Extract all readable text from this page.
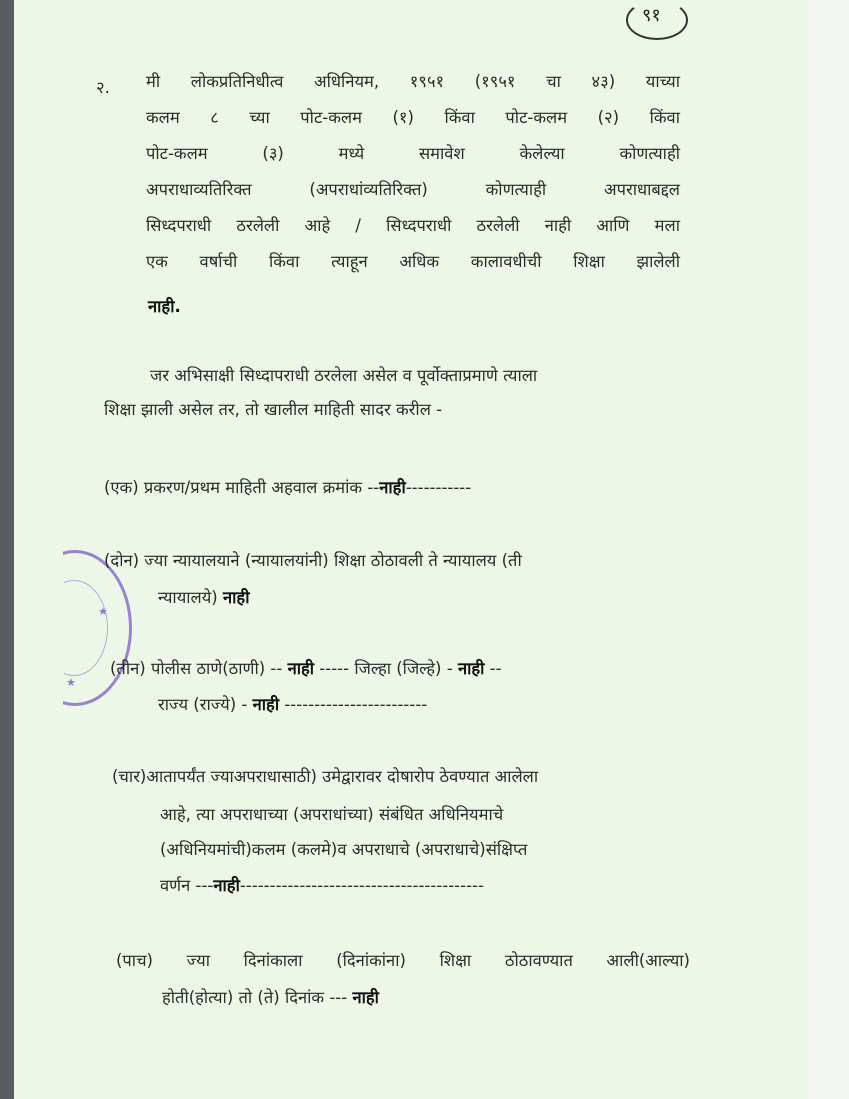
९१
★
★
२. मी लोकप्रतिनिधीत्व अधिनियम, १९५१ (१९५१ चा ४३) याच्या
कलम ८ च्या पोट-कलम (१) किंवा पोट-कलम (२) किंवा
पोट-कलम (३) मध्ये समावेश केलेल्या कोणत्याही
अपराधाव्यतिरिक्त (अपराधांव्यतिरिक्त) कोणत्याही अपराधाबद्दल
सिध्दपराधी ठरलेली आहे / सिध्दपराधी ठरलेली नाही आणि मला
एक वर्षाची किंवा त्याहून अधिक कालावधीची शिक्षा झालेली
नाही.
जर अभिसाक्षी सिध्दापराधी ठरलेला असेल व पूर्वोक्ताप्रमाणे त्याला
शिक्षा झाली असेल तर, तो खालील माहिती सादर करील -
(एक) प्रकरण/प्रथम माहिती अहवाल क्रमांक --नाही-----------
(दोन) ज्या न्यायालयाने (न्यायालयांनी) शिक्षा ठोठावली ते न्यायालय (ती
न्यायालये) नाही
(तीन) पोलीस ठाणे(ठाणी) -- नाही ----- जिल्हा (जिल्हे) - नाही --
राज्य (राज्ये) - नाही ------------------------
(चार)आतापर्यंत ज्याअपराधासाठी) उमेद्वारावर दोषारोप ठेवण्यात आलेला
आहे, त्या अपराधाच्या (अपराधांच्या) संबंधित अधिनियमाचे
(अधिनियमांची)कलम (कलमे)व अपराधाचे (अपराधाचे)संक्षिप्त
वर्णन ---नाही-----------------------------------------
(पाच) ज्या दिनांकाला (दिनांकांना) शिक्षा ठोठावण्यात आली(आल्या)
होती(होत्या) तो (ते) दिनांक --- नाही
